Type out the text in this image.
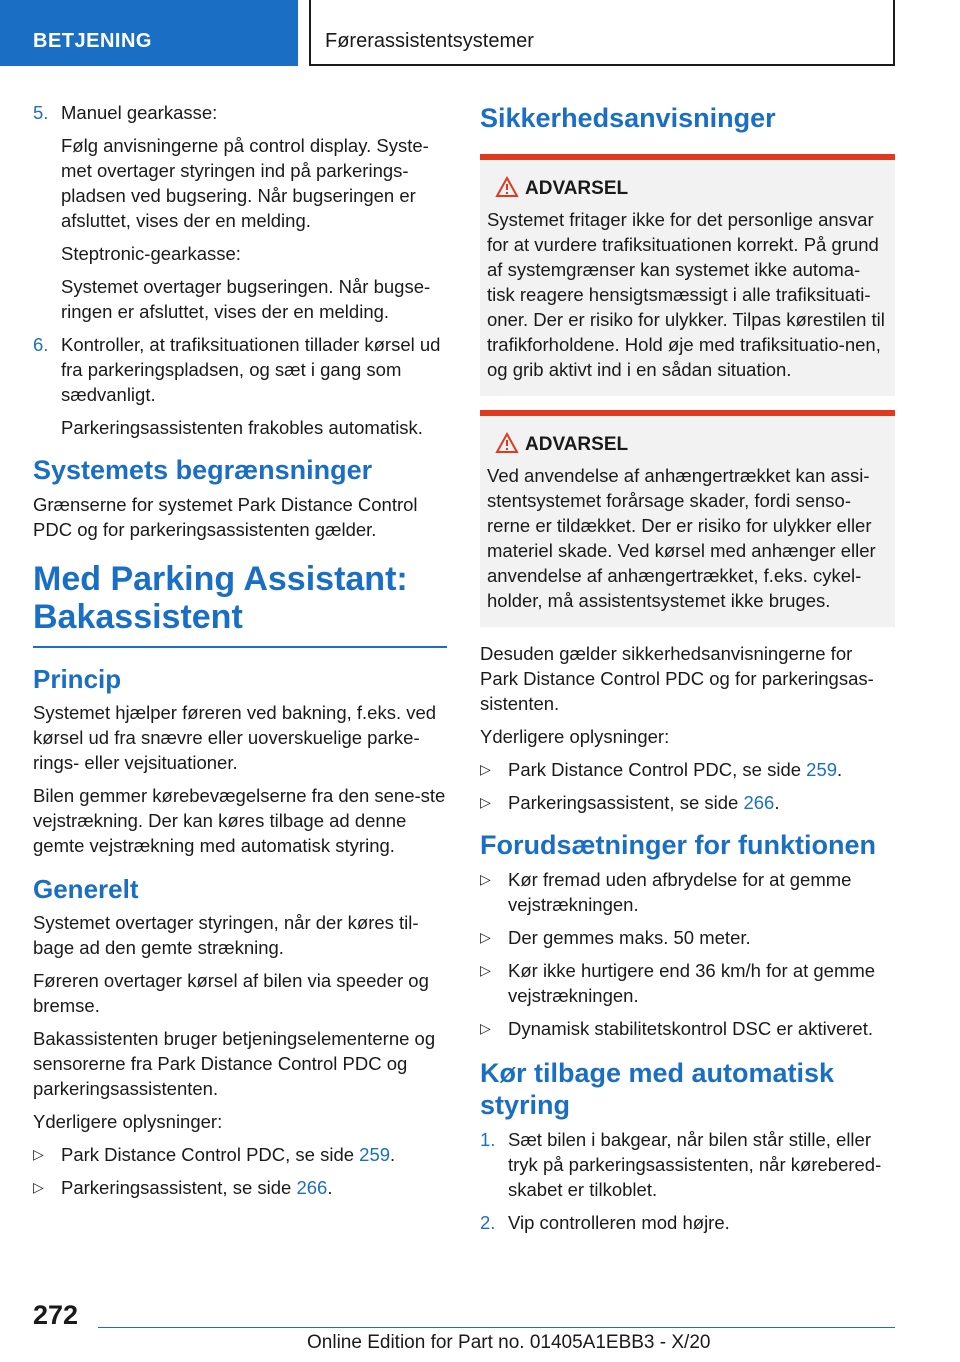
BETJENING	Førerassistentsystemer
5. Manuel gearkasse:

Følg anvisningerne på control display. Syste-met overtager styringen ind på parkerings-pladsen ved bugsering. Når bugseringen er afsluttet, vises der en melding.

Steptronic-gearkasse:

Systemet overtager bugseringen. Når bugse-ringen er afsluttet, vises der en melding.

6. Kontroller, at trafiksituationen tillader kørsel ud fra parkeringspladsen, og sæt i gang som sædvanligt.

Parkeringsassistenten frakobles automatisk.

Systemets begrænsninger

Grænserne for systemet Park Distance Control PDC og for parkeringsassistenten gælder.

Med Parking Assistant: Bakassistent
Princip

Systemet hjælper føreren ved bakning, f.eks. ved kørsel ud fra snævre eller uoverskuelige parke-rings- eller vejsituationer.

Bilen gemmer kørebevægelserne fra den sene-ste vejstrækning. Der kan køres tilbage ad denne gemte vejstrækning med automatisk styring.

Generelt

Systemet overtager styringen, når der køres til-bage ad den gemte strækning.

Føreren overtager kørsel af bilen via speeder og bremse.

Bakassistenten bruger betjeningselementerne og sensorerne fra Park Distance Control PDC og parkeringsassistenten.

Yderligere oplysninger:

▷ Park Distance Control PDC, se side 259.
▷ Parkeringsassistent, se side 266.
Sikkerhedsanvisninger
ADVARSEL

Systemet fritager ikke for det personlige ansvar for at vurdere trafiksituationen korrekt. På grund af systemgrænser kan systemet ikke automa-tisk reagere hensigtsmæssigt i alle trafiksituati-oner. Der er risiko for ulykker. Tilpas kørestilen til trafikforholdene. Hold øje med trafiksituatio-nen, og grib aktivt ind i en sådan situation.

ADVARSEL

Ved anvendelse af anhængertrækket kan assi-stentsystemet forårsage skader, fordi senso-rerne er tildækket. Der er risiko for ulykker eller materiel skade. Ved kørsel med anhænger eller anvendelse af anhængertrækket, f.eks. cykel-holder, må assistentsystemet ikke bruges.

Desuden gælder sikkerhedsanvisningerne for Park Distance Control PDC og for parkeringsas-sistenten.

Yderligere oplysninger:

▷ Park Distance Control PDC, se side 259.
▷ Parkeringsassistent, se side 266.
Forudsætninger for funktionen
▷ Kør fremad uden afbrydelse for at gemme vejstrækningen.
▷ Der gemmes maks. 50 meter.
▷ Kør ikke hurtigere end 36 km/h for at gemme vejstrækningen.
▷ Dynamisk stabilitetskontrol DSC er aktiveret.
Kør tilbage med automatisk styring
1. Sæt bilen i bakgear, når bilen står stille, eller tryk på parkeringsassistenten, når kørebered-skabet er tilkoblet.

2. Vip controlleren mod højre.

272
Online Edition for Part no. 01405A1EBB3 - X/20
